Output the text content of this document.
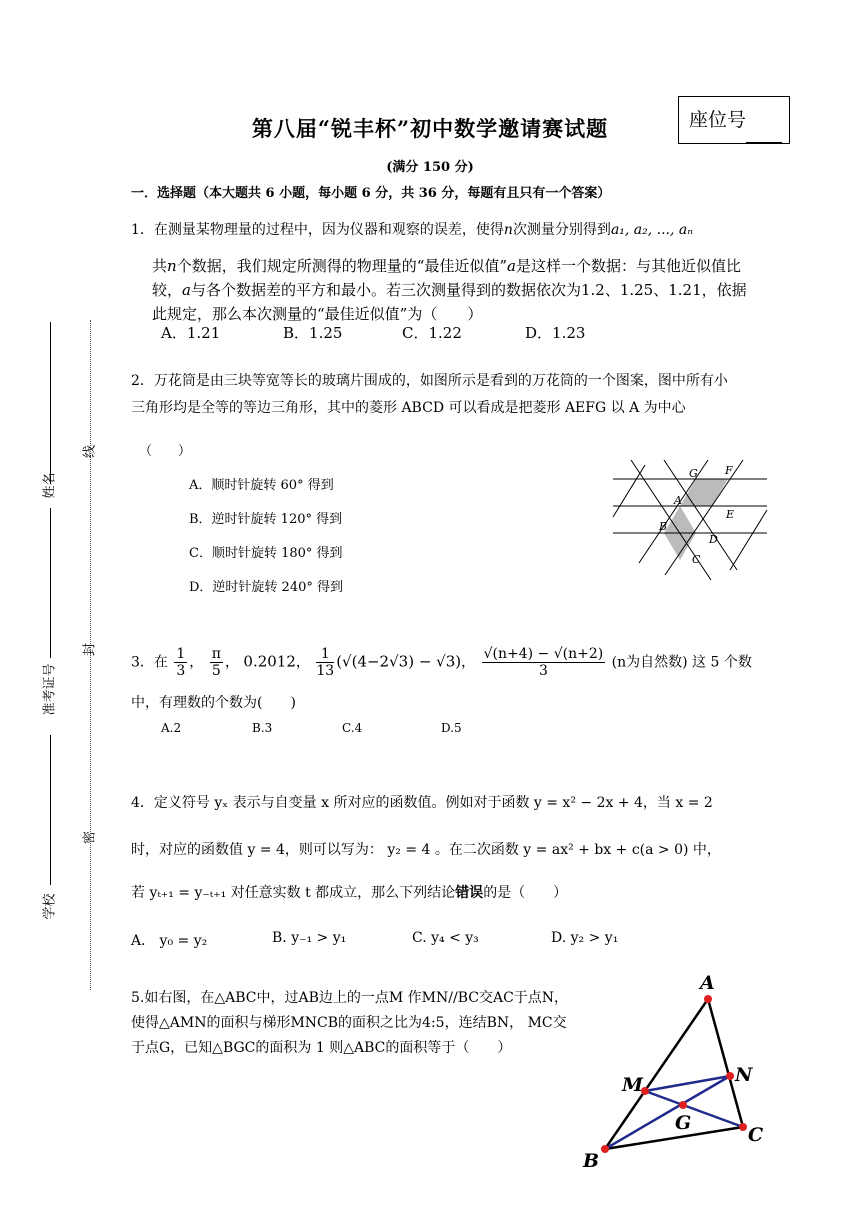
第八届“锐丰杯”初中数学邀请赛试题	座位号
(满分 150 分)
一．选择题（本大题共 6 小题，每小题 6 分，共 36 分，每题有且只有一个答案）
姓名
准考证号
学校
线
封
密
1．在测量某物理量的过程中，因为仪器和观察的误差，使得n次测量分别得到a₁, a₂, ..., aₙ
共n个数据，我们规定所测得的物理量的“最佳近似值”a是这样一个数据：与其他近似值比较，a与各个数据差的平方和最小。若三次测量得到的数据依次为1.2、1.25、1.21，依据此规定，那么本次测量的“最佳近似值”为（　　）
A．1.21	B．1.25	C．1.22	D．1.23
2．万花筒是由三块等宽等长的玻璃片围成的，如图所示是看到的万花筒的一个图案，图中所有小三角形均是全等的等边三角形，其中的菱形 ABCD 可以看成是把菱形 AEFG 以 A 为中心
（　　）
A．顺时针旋转 60° 得到
B．逆时针旋转 120° 得到
C．顺时针旋转 180° 得到
D．逆时针旋转 240° 得到
G F
A
E
B
D
C
3．在 $\frac{1}{3}$ ， $\frac{\pi}{5}$ ， 0.2012， $\frac{1}{13} (√(4-2√3) - √3)$， $\frac{√(n+4) - √(n+2)}{3} (n$为自然数) 这 5 个数
中，有理数的个数为(　　)
A.2	B.3	C.4	D.5
4．定义符号 yₓ 表示与自变量 x 所对应的函数值。例如对于函数 y = x² − 2x + 4，当 x = 2
时，对应的函数值 y = 4，则可以写为： y₂ = 4 。在二次函数 y = ax² + bx + c(a > 0) 中，
若 yₜ₊₁ = y₋ₜ₊₁ 对任意实数 t 都成立，那么下列结论错误的是（　　）
A． y₀ = y₂	B. y₋₁ > y₁	C. y₄ < y₃	D. y₂ > y₁
5.如右图，在△ABC中，过AB边上的一点M 作MN//BC交AC于点N，使得△AMN的面积与梯形MNCB的面积之比为4:5，连结BN， MC交于点G，已知△BGC的面积为 1 则△ABC的面积等于（　　）
A
N
M
G
C
B
